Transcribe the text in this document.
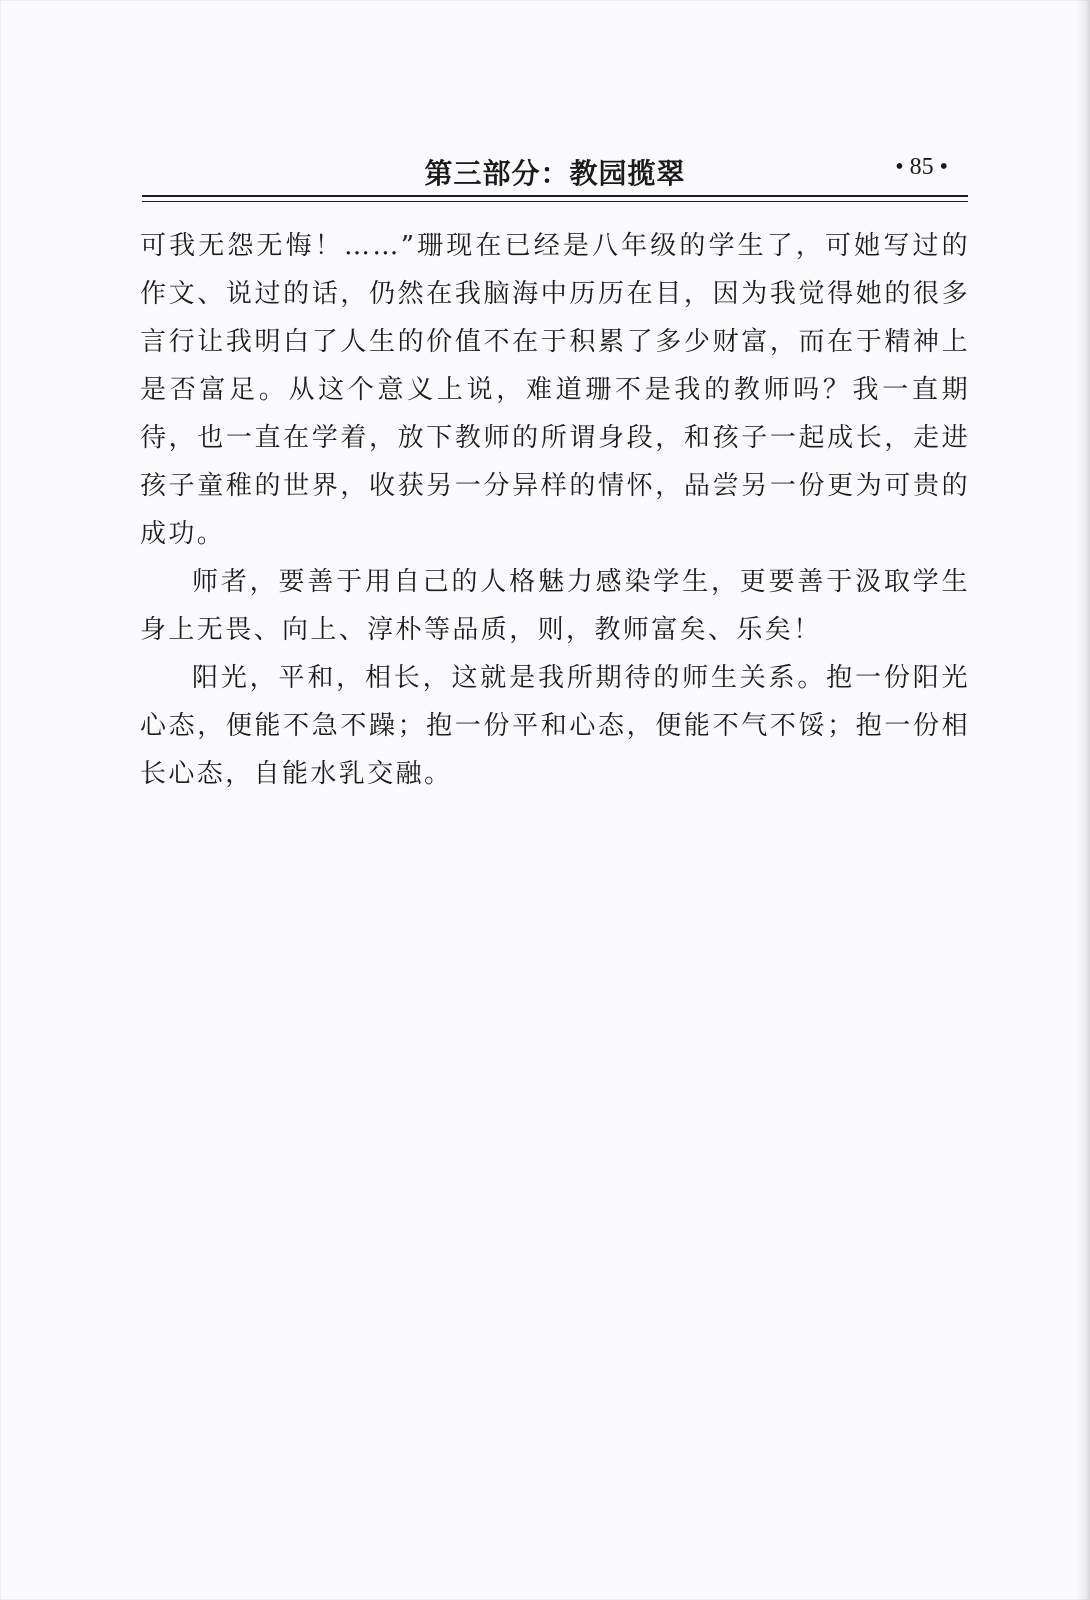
第三部分：教园揽翠	• 85 •

可我无怨无悔！……”珊现在已经是八年级的学生了，可她写过的作文、说过的话，仍然在我脑海中历历在目，因为我觉得她的很多言行让我明白了人生的价值不在于积累了多少财富，而在于精神上是否富足。从这个意义上说，难道珊不是我的教师吗？我一直期待，也一直在学着，放下教师的所谓身段，和孩子一起成长，走进孩子童稚的世界，收获另一分异样的情怀，品尝另一份更为可贵的成功。

师者，要善于用自己的人格魅力感染学生，更要善于汲取学生身上无畏、向上、淳朴等品质，则，教师富矣、乐矣！

阳光，平和，相长，这就是我所期待的师生关系。抱一份阳光心态，便能不急不躁；抱一份平和心态，便能不气不馁；抱一份相长心态，自能水乳交融。
